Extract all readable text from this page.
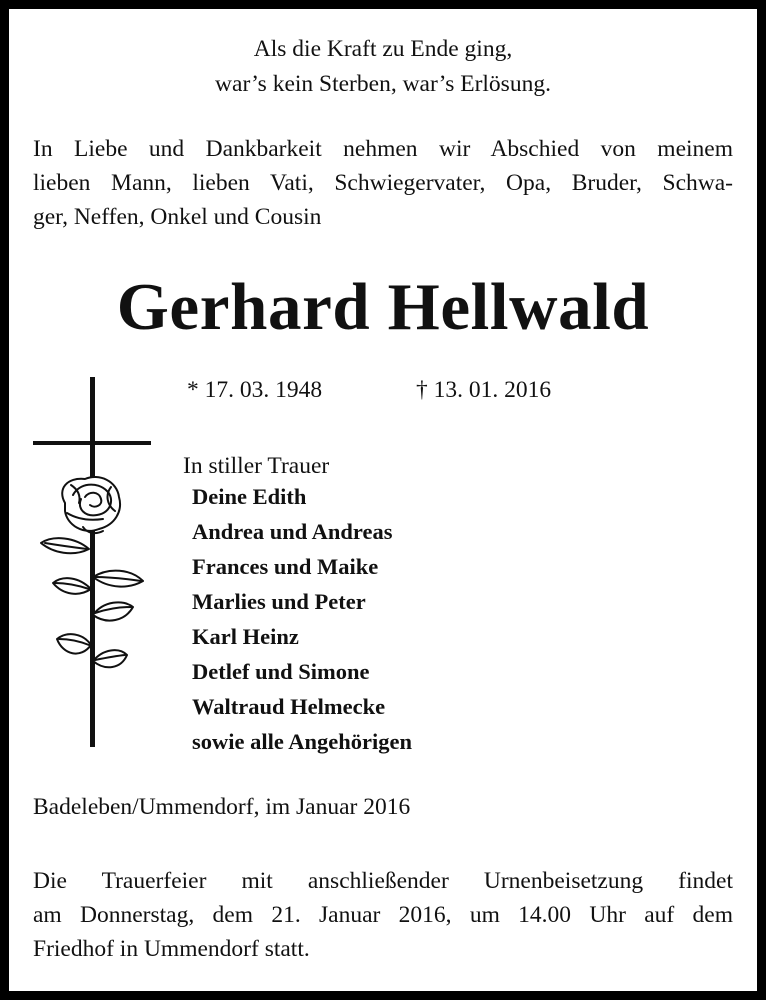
Als die Kraft zu Ende ging,
war’s kein Sterben, war’s Erlösung.
In Liebe und Dankbarkeit nehmen wir Abschied von meinem
lieben Mann, lieben Vati, Schwiegervater, Opa, Bruder, Schwa-
ger, Neffen, Onkel und Cousin
Gerhard Hellwald
* 17. 03. 1948	† 13. 01. 2016
In stiller Trauer
Deine Edith
Andrea und Andreas
Frances und Maike
Marlies und Peter
Karl Heinz
Detlef und Simone
Waltraud Helmecke
sowie alle Angehörigen
Badeleben/Ummendorf, im Januar 2016
Die Trauerfeier mit anschließender Urnenbeisetzung findet
am Donnerstag, dem 21. Januar 2016, um 14.00 Uhr auf dem
Friedhof in Ummendorf statt.
